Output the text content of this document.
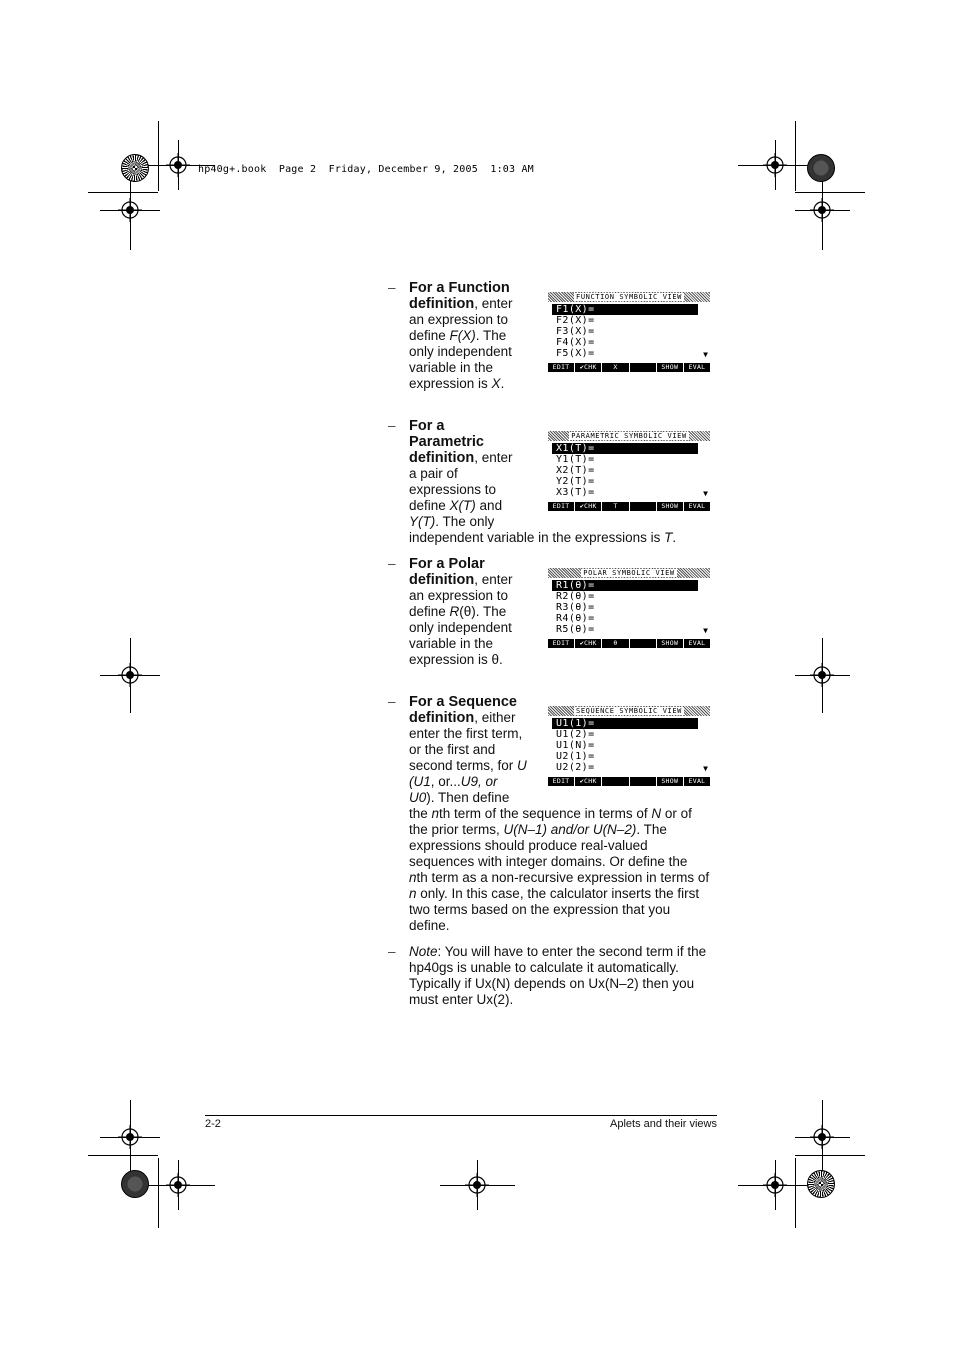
hp40g+.book  Page 2  Friday, December 9, 2005  1:03 AM
– For a Function
definition, enter
an expression to
define F(X). The
only independent
variable in the
expression is X.
FUNCTION SYMBOLIC VIEW
F1(X)=
F2(X)=
F3(X)=
F4(X)=
F5(X)=	▼
EDIT	✔CHK	X	SHOW	EVAL
– For a
Parametric
definition, enter
a pair of
expressions to
define X(T) and
Y(T). The only
independent variable in the expressions is T.
PARAMETRIC SYMBOLIC VIEW
X1(T)=
Y1(T)=
X2(T)=
Y2(T)=
X3(T)=	▼
EDIT	✔CHK	T	SHOW	EVAL
– For a Polar
definition, enter
an expression to
define R(θ). The
only independent
variable in the
expression is θ.
POLAR SYMBOLIC VIEW
R1(θ)=
R2(θ)=
R3(θ)=
R4(θ)=
R5(θ)=	▼
EDIT	✔CHK	θ	SHOW	EVAL
– For a Sequence
definition, either
enter the first term,
or the first and
second terms, for U
(U1, or...U9, or
U0). Then define
the nth term of the sequence in terms of N or of
the prior terms, U(N–1) and/or U(N–2). The
expressions should produce real-valued
sequences with integer domains. Or define the
nth term as a non-recursive expression in terms of
n only. In this case, the calculator inserts the first
two terms based on the expression that you
define.
SEQUENCE SYMBOLIC VIEW
U1(1)=
U1(2)=
U1(N)=
U2(1)=
U2(2)=	▼
EDIT	✔CHK	SHOW	EVAL
– Note: You will have to enter the second term if the
hp40gs is unable to calculate it automatically.
Typically if Ux(N) depends on Ux(N–2) then you
must enter Ux(2).
2-2	Aplets and their views
